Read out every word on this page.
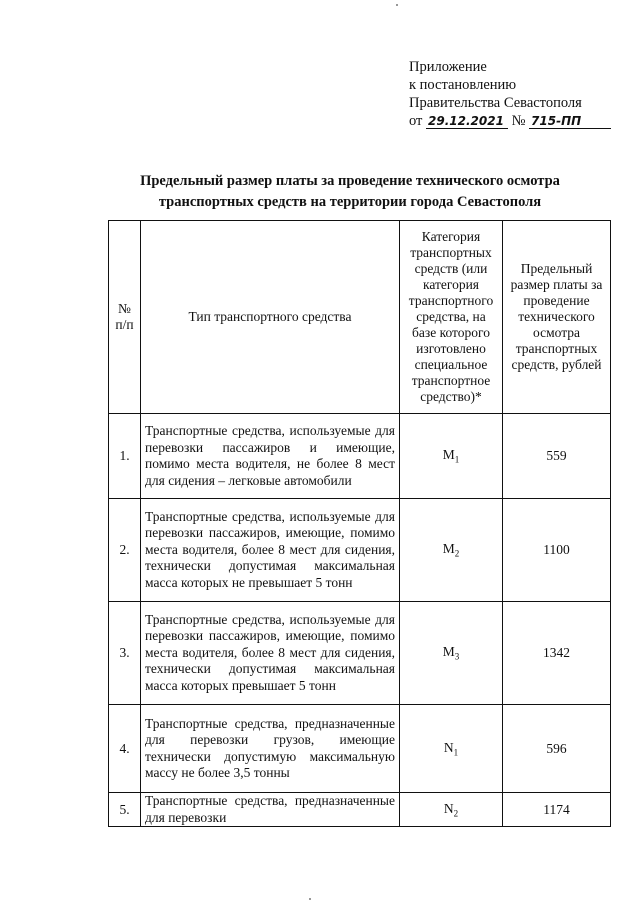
Приложение
к постановлению
Правительства Севастополя
от 29.12.2021 № 715-ПП
Предельный размер платы за проведение технического осмотра
транспортных средств на территории города Севастополя
№ п/п	Тип транспортного средства	Категория транспортных средств (или категория транспортного средства, на базе которого изготовлено специальное транспортное средство)*	Предельный размер платы за проведение технического осмотра транспортных средств, рублей
1.	Транспортные средства, используемые для перевозки пассажиров и имеющие, помимо места водителя, не более 8 мест для сидения – легковые автомобили	$M_1$	559
2.	Транспортные средства, используемые для перевозки пассажиров, имеющие, помимо места водителя, более 8 мест для сидения, технически допустимая максимальная масса которых не превышает 5 тонн	$M_2$	1100
3.	Транспортные средства, используемые для перевозки пассажиров, имеющие, помимо места водителя, более 8 мест для сидения, технически допустимая максимальная масса которых превышает 5 тонн	$M_3$	1342
4.	Транспортные средства, предназначенные для перевозки грузов, имеющие технически допустимую максимальную массу не более 3,5 тонны	$N_1$	596
5.	Транспортные средства, предназначенные для перевозки	$N_2$	1174
